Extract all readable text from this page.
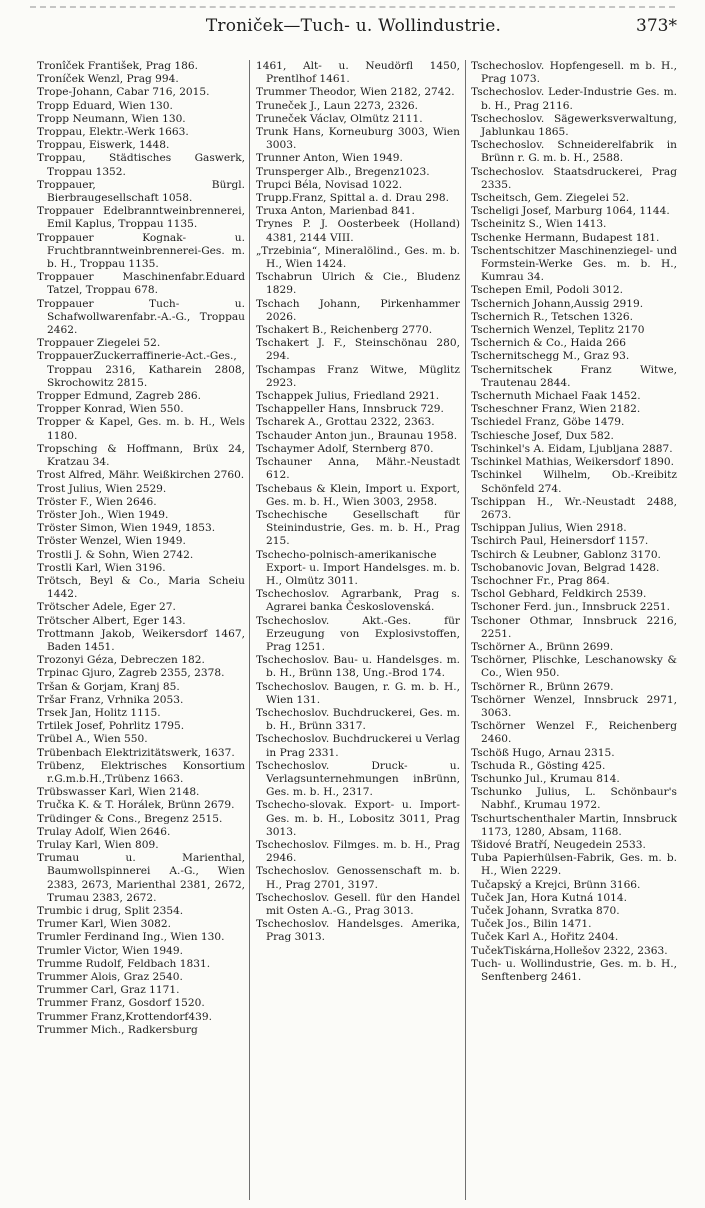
Troniček—Tuch- u. Wollindustrie.	373*

Tronîček František, Prag 186.

Troníček Wenzl, Prag 994.

Trope-Johann, Cabar 716, 2015.

Tropp Eduard, Wien 130.

Tropp Neumann, Wien 130.

Troppau, Elektr.-Werk 1663.

Troppau, Eiswerk, 1448.

Troppau, Städtisches Gaswerk, Troppau 1352.

Troppauer, Bürgl. Bierbraugesellschaft 1058.

Troppauer Edelbranntweinbrennerei, Emil Kaplus, Troppau 1135.

Troppauer Kognak- u. Fruchtbranntweinbrennerei-Ges. m. b. H., Troppau 1135.

Troppauer Maschinenfabr.Eduard Tatzel, Troppau 678.

Troppauer Tuch- u. Schafwollwarenfabr.-A.-G., Troppau 2462.

Troppauer Ziegelei 52.

TroppauerZuckerraffinerie-Act.-Ges., Troppau 2316, Katharein 2808, Skrochowitz 2815.

Tropper Edmund, Zagreb 286.

Tropper Konrad, Wien 550.

Tropper & Kapel, Ges. m. b. H., Wels 1180.

Tropsching & Hoffmann, Brüx 24, Kratzau 34.

Trost Alfred, Mähr. Weißkirchen 2760.

Trost Julius, Wien 2529.

Tröster F., Wien 2646.

Tröster Joh., Wien 1949.

Tröster Simon, Wien 1949, 1853.

Tröster Wenzel, Wien 1949.

Trostli J. & Sohn, Wien 2742.

Trostli Karl, Wien 3196.

Trötsch, Beyl & Co., Maria Scheiu 1442.

Trötscher Adele, Eger 27.

Trötscher Albert, Eger 143.

Trottmann Jakob, Weikersdorf 1467, Baden 1451.

Trozonyi Géza, Debreczen 182.

Trpinac Gjuro, Zagreb 2355, 2378.

Tršan & Gorjam, Kranj 85.

Tršar Franz, Vrhnika 2053.

Trsek Jan, Holitz 1115.

Trtilek Josef, Pohrlitz 1795.

Trübel A., Wien 550.

Trübenbach Elektrizitätswerk, 1637.

Trübenz, Elektrisches Konsortium r.G.m.b.H.,Trübenz 1663.

Trübswasser Karl, Wien 2148.

Tručka K. & T. Horálek, Brünn 2679.

Trüdinger & Cons., Bregenz 2515.

Trulay Adolf, Wien 2646.

Trulay Karl, Wien 809.

Trumau u. Marienthal, Baumwollspinnerei A.-G., Wien 2383, 2673, Marienthal 2381, 2672, Trumau 2383, 2672.

Trumbic i drug, Split 2354.

Trumer Karl, Wien 3082.

Trumler Ferdinand Ing., Wien 130.

Trumler Victor, Wien 1949.

Trumme Rudolf, Feldbach 1831.

Trummer Alois, Graz 2540.

Trummer Carl, Graz 1171.

Trummer Franz, Gosdorf 1520.

Trummer Franz,Krottendorf439.

Trummer Mich., Radkersburg

1461, Alt- u. Neudörfl 1450, Prentlhof 1461.

Trummer Theodor, Wien 2182, 2742.

Truneček J., Laun 2273, 2326.

Truneček Václav, Olmütz 2111.

Trunk Hans, Korneuburg 3003, Wien 3003.

Trunner Anton, Wien 1949.

Trunsperger Alb., Bregenz1023.

Trupci Béla, Novisad 1022.

Trupp.Franz, Spittal a. d. Drau 298.

Truxa Anton, Marienbad 841.

Trynes P. J. Oosterbeek (Holland) 4381, 2144 VIII.

„Trzebinia“, Mineralölind., Ges. m. b. H., Wien 1424.

Tschabrun Ulrich & Cie., Bludenz 1829.

Tschach Johann, Pirkenhammer 2026.

Tschakert B., Reichenberg 2770.

Tschakert J. F., Steinschönau 280, 294.

Tschampas Franz Witwe, Müglitz 2923.

Tschappek Julius, Friedland 2921.

Tschappeller Hans, Innsbruck 729.

Tscharek A., Grottau 2322, 2363.

Tschauder Anton jun., Braunau 1958.

Tschaymer Adolf, Sternberg 870.

Tschauner Anna, Mähr.-Neustadt 612.

Tschebaus & Klein, Import u. Export, Ges. m. b. H., Wien 3003, 2958.

Tschechische Gesellschaft für Steinindustrie, Ges. m. b. H., Prag 215.

Tschecho-polnisch-amerikanische Export- u. Import Handelsges. m. b. H., Olmütz 3011.

Tschechoslov. Agrarbank, Prag s. Agrarei banka Československá.

Tschechoslov. Akt.-Ges. für Erzeugung von Explosivstoffen, Prag 1251.

Tschechoslov. Bau- u. Handelsges. m. b. H., Brünn 138, Ung.-Brod 174.

Tschechoslov. Baugen, r. G. m. b. H., Wien 131.

Tschechoslov. Buchdruckerei, Ges. m. b. H., Brünn 3317.

Tschechoslov. Buchdruckerei u Verlag in Prag 2331.

Tschechoslov. Druck- u. Verlagsunternehmungen inBrünn, Ges. m. b. H., 2317.

Tschecho-slovak. Export- u. Import-Ges. m. b. H., Lobositz 3011, Prag 3013.

Tschechoslov. Filmges. m. b. H., Prag 2946.

Tschechoslov. Genossenschaft m. b. H., Prag 2701, 3197.

Tschechoslov. Gesell. für den Handel mit Osten A.-G., Prag 3013.

Tschechoslov. Handelsges. Amerika, Prag 3013.

Tschechoslov. Hopfengesell. m b. H., Prag 1073.

Tschechoslov. Leder-Industrie Ges. m. b. H., Prag 2116.

Tschechoslov. Sägewerksverwaltung, Jablunkau 1865.

Tschechoslov. Schneiderelfabrik in Brünn r. G. m. b. H., 2588.

Tschechoslov. Staatsdruckerei, Prag 2335.

Tscheitsch, Gem. Ziegelei 52.

Tscheligi Josef, Marburg 1064, 1144.

Tscheinitz S., Wien 1413.

Tschenke Hermann, Budapest 181.

Tschentschitzer Maschinenziegel- und Formstein-Werke Ges. m. b. H., Kumrau 34.

Tschepen Emil, Podoli 3012.

Tschernich Johann,Aussig 2919.

Tschernich R., Tetschen 1326.

Tschernich Wenzel, Teplitz 2170

Tschernich & Co., Haida 266

Tschernitschegg M., Graz 93.

Tschernitschek Franz Witwe, Trautenau 2844.

Tschernuth Michael Faak 1452.

Tscheschner Franz, Wien 2182.

Tschiedel Franz, Göbe 1479.

Tschiesche Josef, Dux 582.

Tschinkel's A. Eidam, Ljubljana 2887.

Tschinkel Mathias, Weikersdorf 1890.

Tschinkel Wilhelm, Ob.-Kreibitz Schönfeld 274.

Tschippan H., Wr.-Neustadt 2488, 2673.

Tschippan Julius, Wien 2918.

Tschirch Paul, Heinersdorf 1157.

Tschirch & Leubner, Gablonz 3170.

Tschobanovic Jovan, Belgrad 1428.

Tschochner Fr., Prag 864.

Tschol Gebhard, Feldkirch 2539.

Tschoner Ferd. jun., Innsbruck 2251.

Tschoner Othmar, Innsbruck 2216, 2251.

Tschörner A., Brünn 2699.

Tschörner, Plischke, Leschanowsky & Co., Wien 950.

Tschörner R., Brünn 2679.

Tschörner Wenzel, Innsbruck 2971, 3063.

Tschörner Wenzel F., Reichenberg 2460.

Tschöß Hugo, Arnau 2315.

Tschuda R., Gösting 425.

Tschunko Jul., Krumau 814.

Tschunko Julius, L. Schönbaur's Nabhf., Krumau 1972.

Tschurtschenthaler Martin, Innsbruck 1173, 1280, Absam, 1168.

Tšidové Bratří, Neugedein 2533.

Tuba Papierhülsen-Fabrik, Ges. m. b. H., Wien 2229.

Tučapský a Krejci, Brünn 3166.

Tuček Jan, Hora Kutná 1014.

Tuček Johann, Svratka 870.

Tuček Jos., Bilin 1471.

Tuček Karl A., Hořitz 2404.

TučekTiskárna,Hollešov 2322, 2363.

Tuch- u. Wollindustrie, Ges. m. b. H., Senftenberg 2461.
